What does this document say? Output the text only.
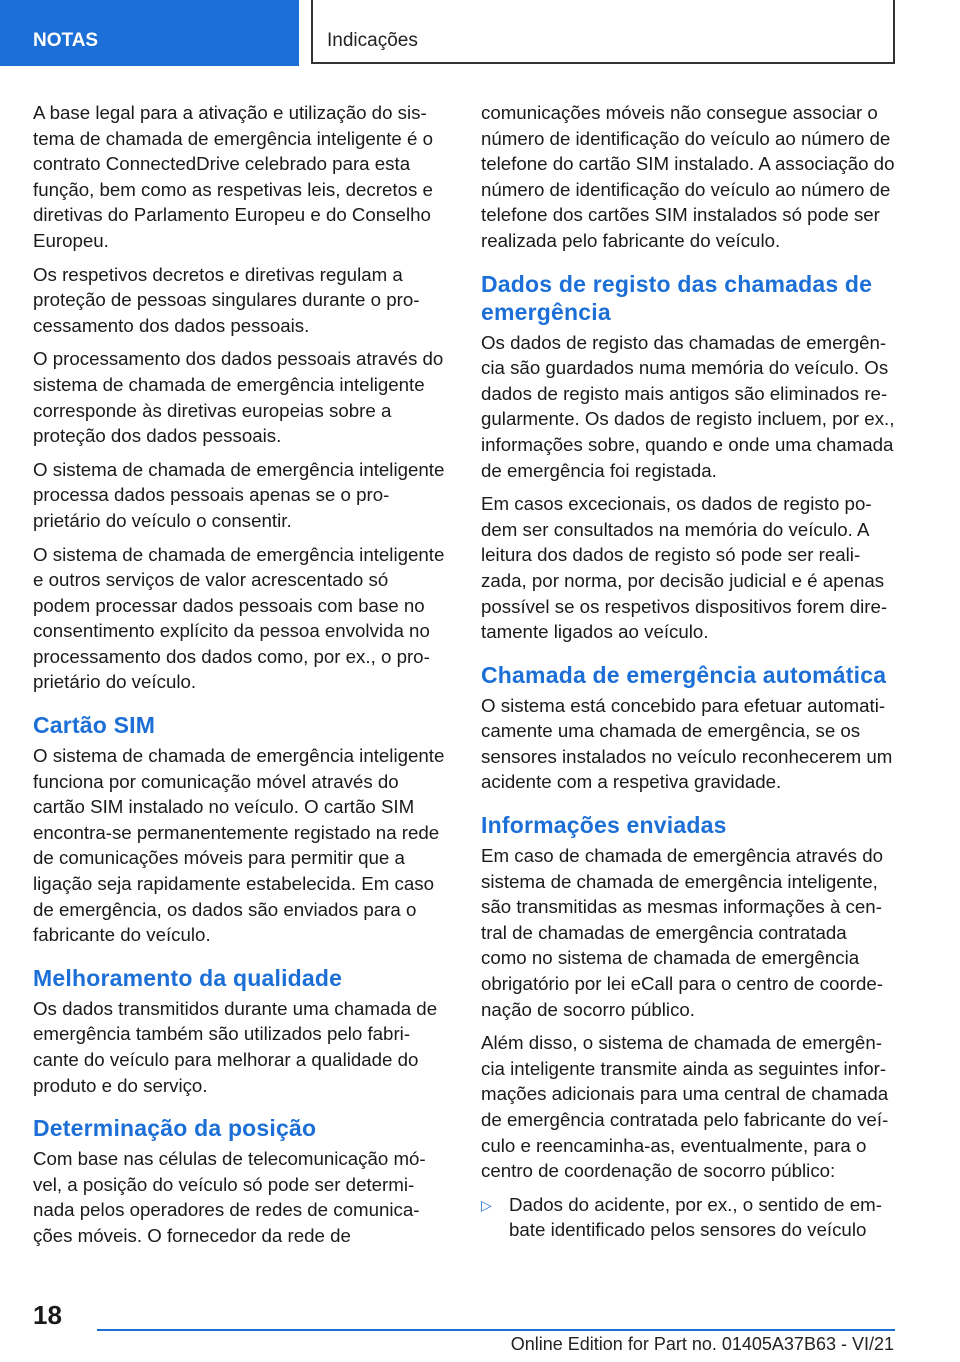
NOTAS	Indicações

A base legal para a ativação e utilização do sistema de chamada de emergência inteligente é o contrato ConnectedDrive celebrado para esta função, bem como as respetivas leis, decretos e diretivas do Parlamento Europeu e do Conselho Europeu.

Os respetivos decretos e diretivas regulam a proteção de pessoas singulares durante o processamento dos dados pessoais.

O processamento dos dados pessoais através do sistema de chamada de emergência inteligente corresponde às diretivas europeias sobre a proteção dos dados pessoais.

O sistema de chamada de emergência inteligente processa dados pessoais apenas se o proprietário do veículo o consentir.

O sistema de chamada de emergência inteligente e outros serviços de valor acrescentado só podem processar dados pessoais com base no consentimento explícito da pessoa envolvida no processamento dos dados como, por ex., o proprietário do veículo.

Cartão SIM

O sistema de chamada de emergência inteligente funciona por comunicação móvel através do cartão SIM instalado no veículo. O cartão SIM encontra-se permanentemente registado na rede de comunicações móveis para permitir que a ligação seja rapidamente estabelecida. Em caso de emergência, os dados são enviados para o fabricante do veículo.

Melhoramento da qualidade

Os dados transmitidos durante uma chamada de emergência também são utilizados pelo fabricante do veículo para melhorar a qualidade do produto e do serviço.

Determinação da posição

Com base nas células de telecomunicação móvel, a posição do veículo só pode ser determinada pelos operadores de redes de comunicações móveis. O fornecedor da rede de

comunicações móveis não consegue associar o número de identificação do veículo ao número de telefone do cartão SIM instalado. A associação do número de identificação do veículo ao número de telefone dos cartões SIM instalados só pode ser realizada pelo fabricante do veículo.

Dados de registo das chamadas de emergência

Os dados de registo das chamadas de emergência são guardados numa memória do veículo. Os dados de registo mais antigos são eliminados regularmente. Os dados de registo incluem, por ex., informações sobre, quando e onde uma chamada de emergência foi registada.

Em casos excecionais, os dados de registo podem ser consultados na memória do veículo. A leitura dos dados de registo só pode ser realizada, por norma, por decisão judicial e é apenas possível se os respetivos dispositivos forem diretamente ligados ao veículo.

Chamada de emergência automática

O sistema está concebido para efetuar automaticamente uma chamada de emergência, se os sensores instalados no veículo reconhecerem um acidente com a respetiva gravidade.

Informações enviadas

Em caso de chamada de emergência através do sistema de chamada de emergência inteligente, são transmitidas as mesmas informações à central de chamadas de emergência contratada como no sistema de chamada de emergência obrigatório por lei eCall para o centro de coordenação de socorro público.

Além disso, o sistema de chamada de emergência inteligente transmite ainda as seguintes informações adicionais para uma central de chamada de emergência contratada pelo fabricante do veículo e reencaminha-as, eventualmente, para o centro de coordenação de socorro público:

▷ Dados do acidente, por ex., o sentido de embate identificado pelos sensores do veículo
18
Online Edition for Part no. 01405A37B63 - VI/21
